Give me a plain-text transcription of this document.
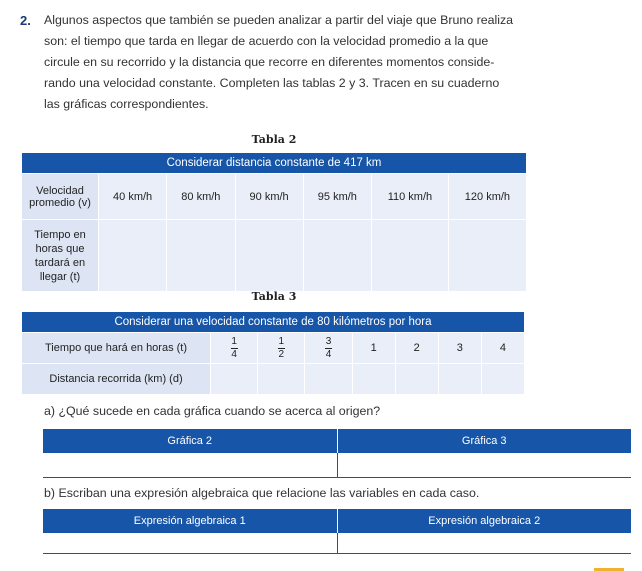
2. Algunos aspectos que también se pueden analizar a partir del viaje que Bruno realiza
son: el tiempo que tarda en llegar de acuerdo con la velocidad promedio a la que
circule en su recorrido y la distancia que recorre en diferentes momentos conside-
rando una velocidad constante. Completen las tablas 2 y 3. Tracen en su cuaderno
las gráficas correspondientes.
Tabla 2
Considerar distancia constante de 417 km						

Velocidad
promedio (v)	40 km/h	80 km/h	90 km/h	95 km/h	110 km/h	120 km/h

Tiempo en
horas que
tardará en
llegar (t)						

Tabla 3
Considerar una velocidad constante de 80 kilómetros por hora							
Tiempo que hará en horas (t)	$\frac{1}{4}$	$\frac{1}{2}$	$\frac{3}{4}$	1	2	3	4
Distancia recorrida (km) (d)							
a) ¿Qué sucede en cada gráfica cuando se acerca al origen?
Gráfica 2	Gráfica 3
b) Escriban una expresión algebraica que relacione las variables en cada caso.
Expresión algebraica 1	Expresión algebraica 2
